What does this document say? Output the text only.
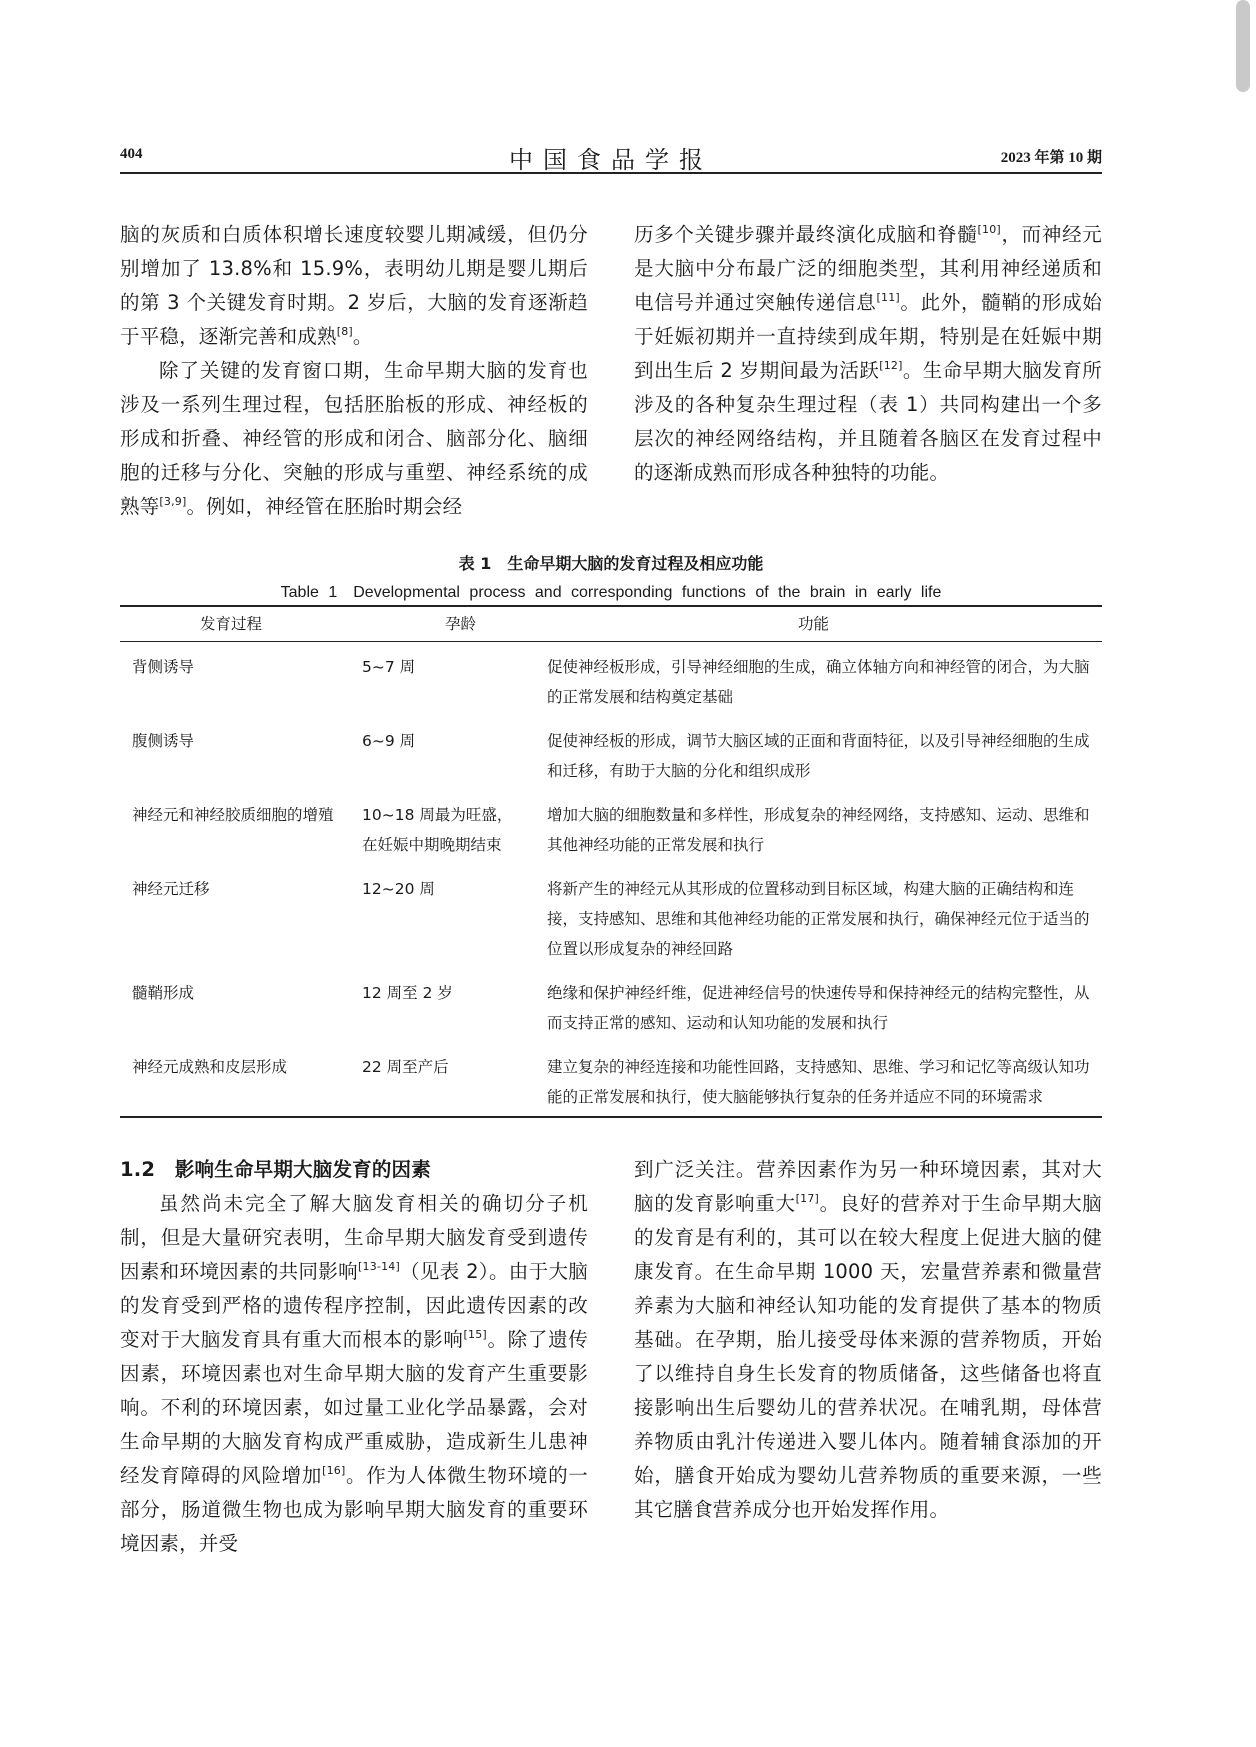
404	中国食品学报	2023 年第 10 期

脑的灰质和白质体积增长速度较婴儿期减缓，但仍分别增加了 13.8%和 15.9%，表明幼儿期是婴儿期后的第 3 个关键发育时期。2 岁后，大脑的发育逐渐趋于平稳，逐渐完善和成熟[8]。

除了关键的发育窗口期，生命早期大脑的发育也涉及一系列生理过程，包括胚胎板的形成、神经板的形成和折叠、神经管的形成和闭合、脑部分化、脑细胞的迁移与分化、突触的形成与重塑、神经系统的成熟等[3,9]。例如，神经管在胚胎时期会经

历多个关键步骤并最终演化成脑和脊髓[10]，而神经元是大脑中分布最广泛的细胞类型，其利用神经递质和电信号并通过突触传递信息[11]。此外，髓鞘的形成始于妊娠初期并一直持续到成年期，特别是在妊娠中期到出生后 2 岁期间最为活跃[12]。生命早期大脑发育所涉及的各种复杂生理过程（表 1）共同构建出一个多层次的神经网络结构，并且随着各脑区在发育过程中的逐渐成熟而形成各种独特的功能。

表 1　生命早期大脑的发育过程及相应功能
Table 1　Developmental process and corresponding functions of the brain in early life
发育过程	孕龄	功能
背侧诱导	5~7 周	促使神经板形成，引导神经细胞的生成，确立体轴方向和神经管的闭合，为大脑的正常发展和结构奠定基础
腹侧诱导	6~9 周	促使神经板的形成，调节大脑区域的正面和背面特征，以及引导神经细胞的生成和迁移，有助于大脑的分化和组织成形
神经元和神经胶质细胞的增殖	10~18 周最为旺盛，在妊娠中期晚期结束	增加大脑的细胞数量和多样性，形成复杂的神经网络，支持感知、运动、思维和其他神经功能的正常发展和执行
神经元迁移	12~20 周	将新产生的神经元从其形成的位置移动到目标区域，构建大脑的正确结构和连接，支持感知、思维和其他神经功能的正常发展和执行，确保神经元位于适当的位置以形成复杂的神经回路
髓鞘形成	12 周至 2 岁	绝缘和保护神经纤维，促进神经信号的快速传导和保持神经元的结构完整性，从而支持正常的感知、运动和认知功能的发展和执行
神经元成熟和皮层形成	22 周至产后	建立复杂的神经连接和功能性回路，支持感知、思维、学习和记忆等高级认知功能的正常发展和执行，使大脑能够执行复杂的任务并适应不同的环境需求

1.2　影响生命早期大脑发育的因素

虽然尚未完全了解大脑发育相关的确切分子机制，但是大量研究表明，生命早期大脑发育受到遗传因素和环境因素的共同影响[13-14]（见表 2）。由于大脑的发育受到严格的遗传程序控制，因此遗传因素的改变对于大脑发育具有重大而根本的影响[15]。除了遗传因素，环境因素也对生命早期大脑的发育产生重要影响。不利的环境因素，如过量工业化学品暴露，会对生命早期的大脑发育构成严重威胁，造成新生儿患神经发育障碍的风险增加[16]。作为人体微生物环境的一部分，肠道微生物也成为影响早期大脑发育的重要环境因素，并受

到广泛关注。营养因素作为另一种环境因素，其对大脑的发育影响重大[17]。良好的营养对于生命早期大脑的发育是有利的，其可以在较大程度上促进大脑的健康发育。在生命早期 1000 天，宏量营养素和微量营养素为大脑和神经认知功能的发育提供了基本的物质基础。在孕期，胎儿接受母体来源的营养物质，开始了以维持自身生长发育的物质储备，这些储备也将直接影响出生后婴幼儿的营养状况。在哺乳期，母体营养物质由乳汁传递进入婴儿体内。随着辅食添加的开始，膳食开始成为婴幼儿营养物质的重要来源，一些其它膳食营养成分也开始发挥作用。
